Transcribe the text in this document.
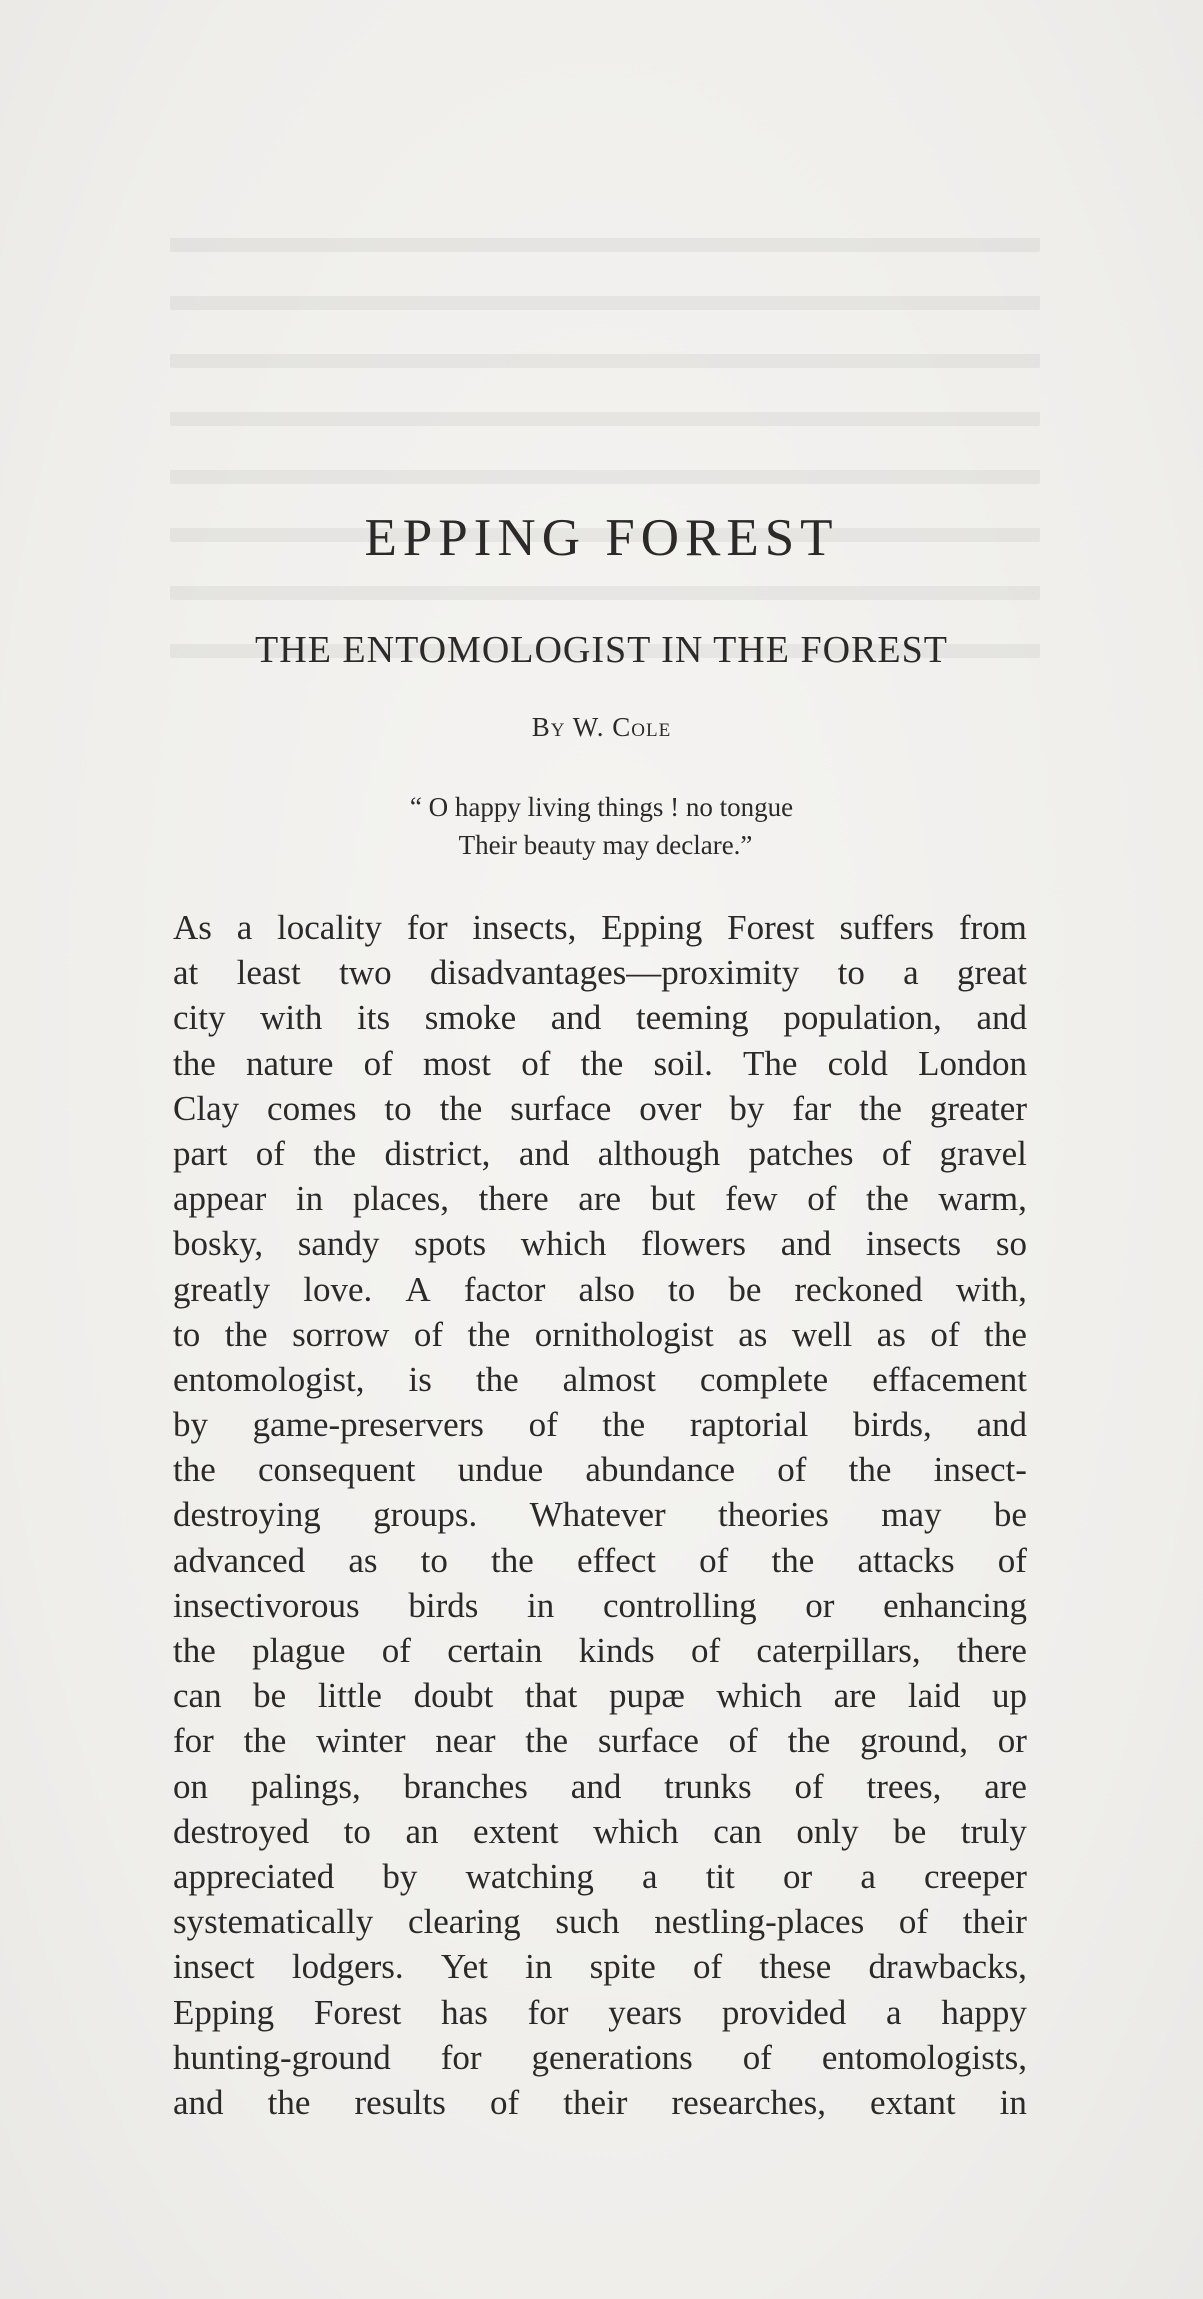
EPPING FOREST
THE ENTOMOLOGIST IN THE FOREST
By W. Cole
“ O happy living things ! no tongue
Their beauty may declare.”
As a locality for insects, Epping Forest suffers from
at least two disadvantages—proximity to a great
city with its smoke and teeming population, and
the nature of most of the soil. The cold London
Clay comes to the surface over by far the greater
part of the district, and although patches of gravel
appear in places, there are but few of the warm,
bosky, sandy spots which flowers and insects so
greatly love. A factor also to be reckoned with,
to the sorrow of the ornithologist as well as of the
entomologist, is the almost complete effacement
by game-preservers of the raptorial birds, and
the consequent undue abundance of the insect-
destroying groups. Whatever theories may be
advanced as to the effect of the attacks of
insectivorous birds in controlling or enhancing
the plague of certain kinds of caterpillars, there
can be little doubt that pupæ which are laid up
for the winter near the surface of the ground, or
on palings, branches and trunks of trees, are
destroyed to an extent which can only be truly
appreciated by watching a tit or a creeper
systematically clearing such nestling-places of their
insect lodgers. Yet in spite of these drawbacks,
Epping Forest has for years provided a happy
hunting-ground for generations of entomologists,
and the results of their researches, extant in
